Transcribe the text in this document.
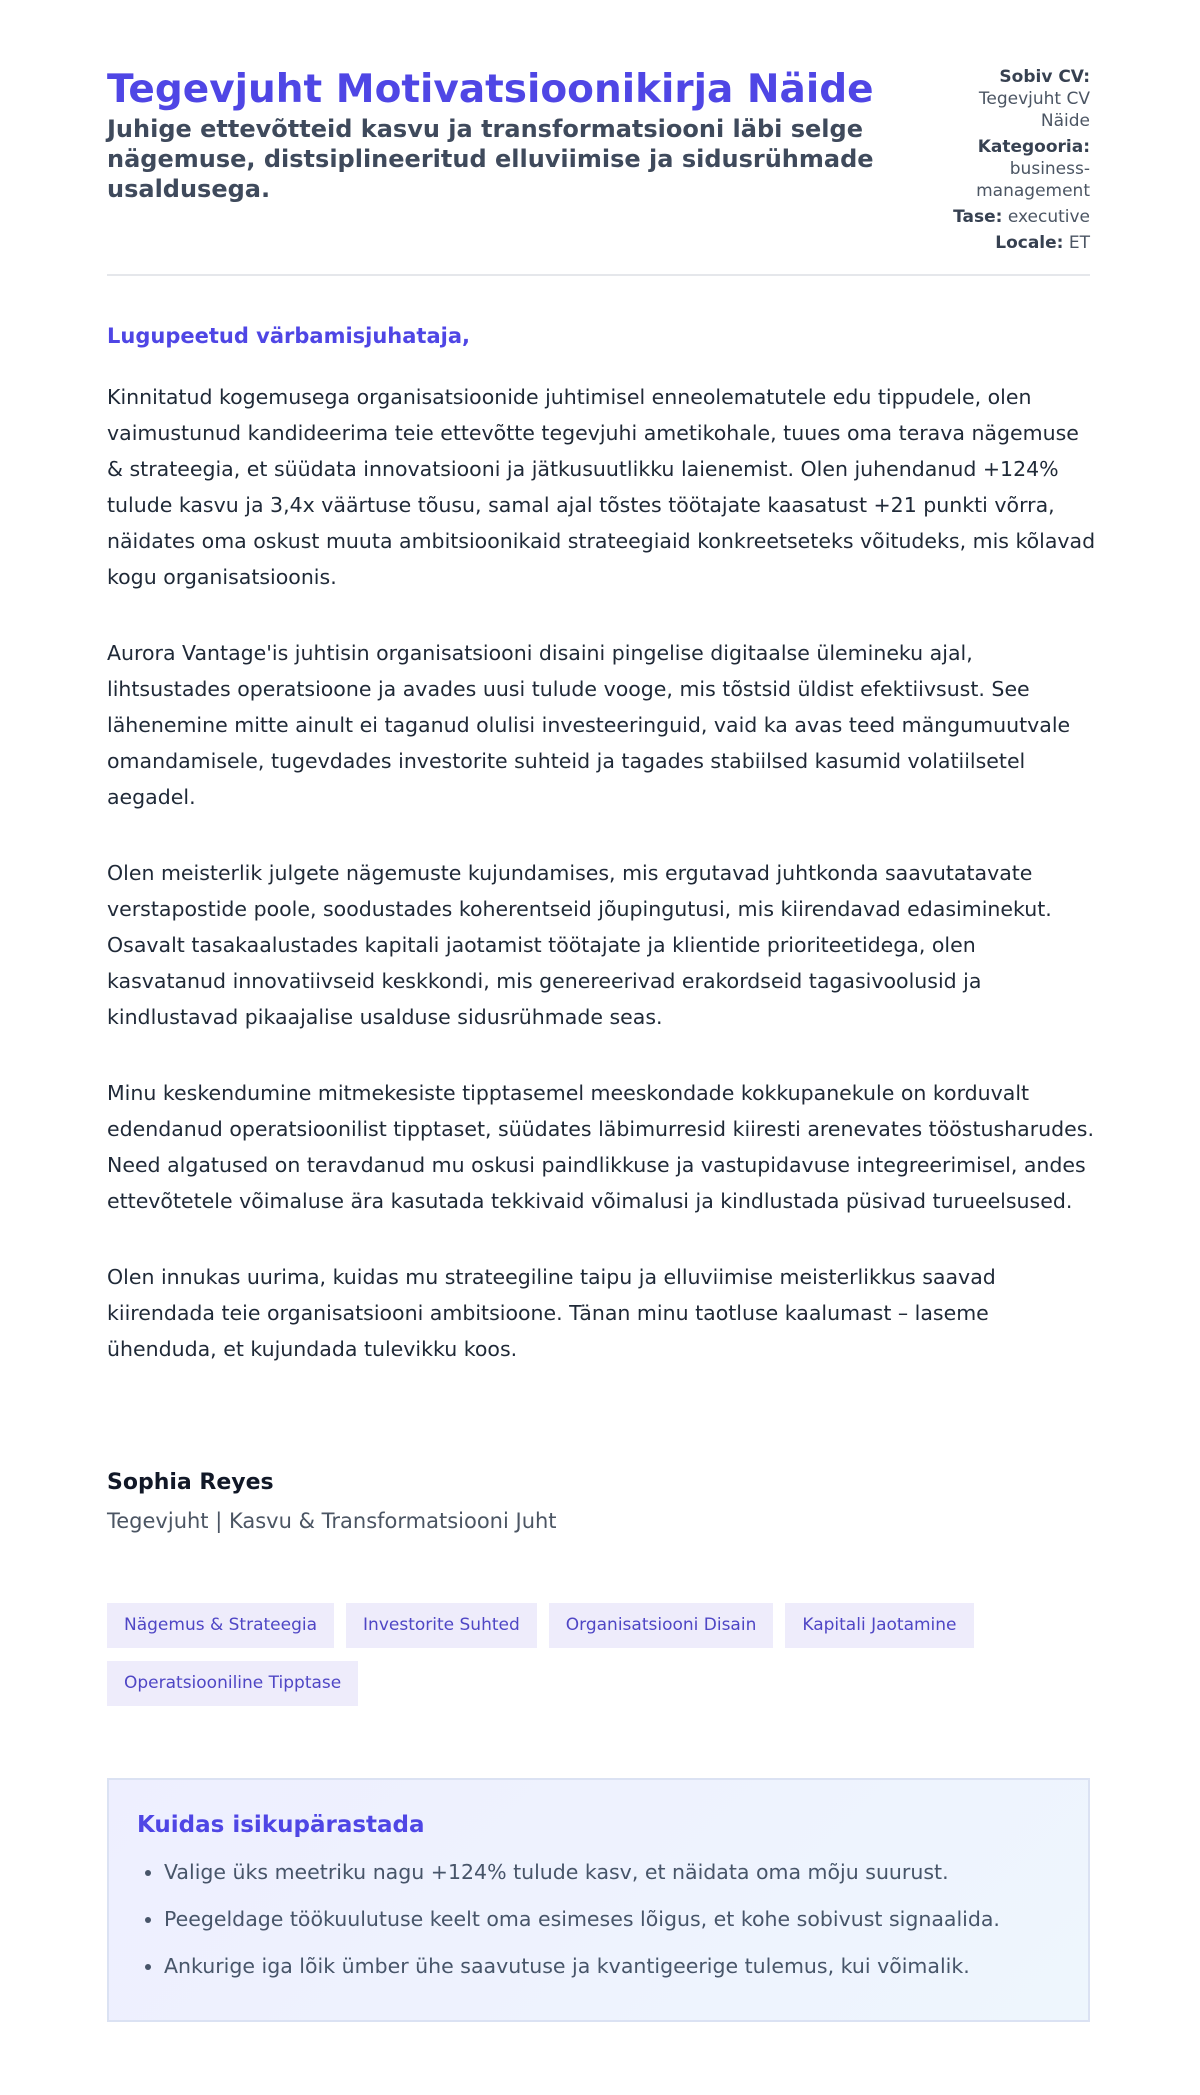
Tegevjuht Motivatsioonikirja Näide
Juhige ettevõtteid kasvu ja transformatsiooni läbi selge nägemuse, distsiplineeritud elluviimise ja sidusrühmade usaldusega.
Sobiv CV:
Tegevjuht CV Näide
Kategooria:
business-management
Tase: executive
Locale: ET
Lugupeetud värbamisjuhataja,

Kinnitatud kogemusega organisatsioonide juhtimisel enneolematutele edu tippudele, olen vaimustunud kandideerima teie ettevõtte tegevjuhi ametikohale, tuues oma terava nägemuse & strateegia, et süüdata innovatsiooni ja jätkusuutlikku laienemist. Olen juhendanud +124% tulude kasvu ja 3,4x väärtuse tõusu, samal ajal tõstes töötajate kaasatust +21 punkti võrra, näidates oma oskust muuta ambitsioonikaid strateegiaid konkreetseteks võitudeks, mis kõlavad kogu organisatsioonis.

Aurora Vantage'is juhtisin organisatsiooni disaini pingelise digitaalse ülemineku ajal, lihtsustades operatsioone ja avades uusi tulude vooge, mis tõstsid üldist efektiivsust. See lähenemine mitte ainult ei taganud olulisi investeeringuid, vaid ka avas teed mängumuutvale omandamisele, tugevdades investorite suhteid ja tagades stabiilsed kasumid volatiilsetel aegadel.

Olen meisterlik julgete nägemuste kujundamises, mis ergutavad juhtkonda saavutatavate verstapostide poole, soodustades koherentseid jõupingutusi, mis kiirendavad edasiminekut. Osavalt tasakaalustades kapitali jaotamist töötajate ja klientide prioriteetidega, olen kasvatanud innovatiivseid keskkondi, mis genereerivad erakordseid tagasivoolusid ja kindlustavad pikaajalise usalduse sidusrühmade seas.

Minu keskendumine mitmekesiste tipptasemel meeskondade kokkupanekule on korduvalt edendanud operatsioonilist tipptaset, süüdates läbimurresid kiiresti arenevates tööstusharudes. Need algatused on teravdanud mu oskusi paindlikkuse ja vastupidavuse integreerimisel, andes ettevõtetele võimaluse ära kasutada tekkivaid võimalusi ja kindlustada püsivad turueelsused.

Olen innukas uurima, kuidas mu strateegiline taipu ja elluviimise meisterlikkus saavad kiirendada teie organisatsiooni ambitsioone. Tänan minu taotluse kaalumast – laseme ühenduda, et kujundada tulevikku koos.

Sophia Reyes
Tegevjuht | Kasvu & Transformatsiooni Juht
Nägemus & Strateegia	Investorite Suhted	Organisatsiooni Disain	Kapitali Jaotamine
Operatsiooniline Tipptase
Kuidas isikupärastada
• Valige üks meetriku nagu +124% tulude kasv, et näidata oma mõju suurust.
• Peegeldage töökuulutuse keelt oma esimeses lõigus, et kohe sobivust signaalida.
• Ankurige iga lõik ümber ühe saavutuse ja kvantigeerige tulemus, kui võimalik.
